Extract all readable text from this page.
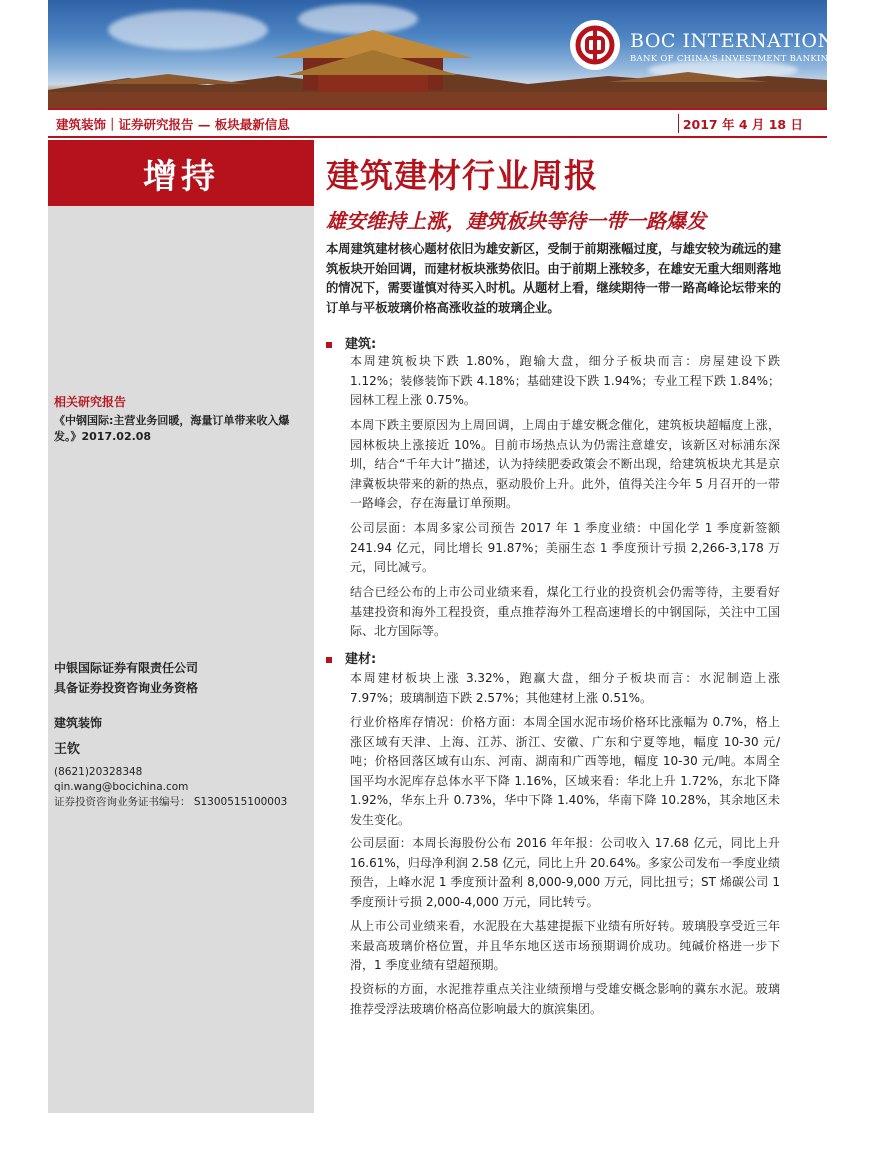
BOC INTERNATIONAL
BANK OF CHINA'S INVESTMENT BANKING GROUP
建筑装饰｜证券研究报告 — 板块最新信息	2017 年 4 月 18 日
增持
相关研究报告
《中钢国际:主营业务回暖，海量订单带来收入爆发。》2017.02.08
中银国际证券有限责任公司
具备证券投资咨询业务资格
建筑装饰
王钦

(8621)20328348
qin.wang@bocichina.com
证券投资咨询业务证书编号： S1300515100003
建筑建材行业周报
雄安维持上涨，建筑板块等待一带一路爆发
本周建筑建材核心题材依旧为雄安新区，受制于前期涨幅过度，与雄安较为疏远的建筑板块开始回调，而建材板块涨势依旧。由于前期上涨较多，在雄安无重大细则落地的情况下，需要谨慎对待买入时机。从题材上看，继续期待一带一路高峰论坛带来的订单与平板玻璃价格高涨收益的玻璃企业。
建筑:
本周建筑板块下跌 1.80%，跑输大盘，细分子板块而言：房屋建设下跌 1.12%；装修装饰下跌 4.18%；基础建设下跌 1.94%；专业工程下跌 1.84%；园林工程上涨 0.75%。
本周下跌主要原因为上周回调，上周由于雄安概念催化，建筑板块超幅度上涨，园林板块上涨接近 10%。目前市场热点认为仍需注意雄安，该新区对标浦东深圳，结合“千年大计”描述，认为持续肥委政策会不断出现，给建筑板块尤其是京津冀板块带来的新的热点，驱动股价上升。此外，值得关注今年 5 月召开的一带一路峰会，存在海量订单预期。
公司层面：本周多家公司预告 2017 年 1 季度业绩：中国化学 1 季度新签额 241.94 亿元，同比增长 91.87%；美丽生态 1 季度预计亏损 2,266-3,178 万元，同比减亏。
结合已经公布的上市公司业绩来看，煤化工行业的投资机会仍需等待，主要看好基建投资和海外工程投资，重点推荐海外工程高速增长的中钢国际，关注中工国际、北方国际等。
建材:
本周建材板块上涨 3.32%，跑赢大盘，细分子板块而言：水泥制造上涨 7.97%；玻璃制造下跌 2.57%；其他建材上涨 0.51%。
行业价格库存情况：价格方面：本周全国水泥市场价格环比涨幅为 0.7%，格上涨区域有天津、上海、江苏、浙江、安徽、广东和宁夏等地，幅度 10-30 元/吨；价格回落区域有山东、河南、湖南和广西等地，幅度 10-30 元/吨。本周全国平均水泥库存总体水平下降 1.16%，区域来看：华北上升 1.72%，东北下降 1.92%，华东上升 0.73%，华中下降 1.40%，华南下降 10.28%，其余地区未发生变化。
公司层面：本周长海股份公布 2016 年年报：公司收入 17.68 亿元，同比上升 16.61%，归母净利润 2.58 亿元，同比上升 20.64%。多家公司发布一季度业绩预告，上峰水泥 1 季度预计盈利 8,000-9,000 万元，同比扭亏；ST 烯碳公司 1 季度预计亏损 2,000-4,000 万元，同比转亏。
从上市公司业绩来看，水泥股在大基建提振下业绩有所好转。玻璃股享受近三年来最高玻璃价格位置，并且华东地区送市场预期调价成功。纯碱价格进一步下滑，1 季度业绩有望超预期。
投资标的方面，水泥推荐重点关注业绩预增与受雄安概念影响的冀东水泥。玻璃推荐受浮法玻璃价格高位影响最大的旗滨集团。
